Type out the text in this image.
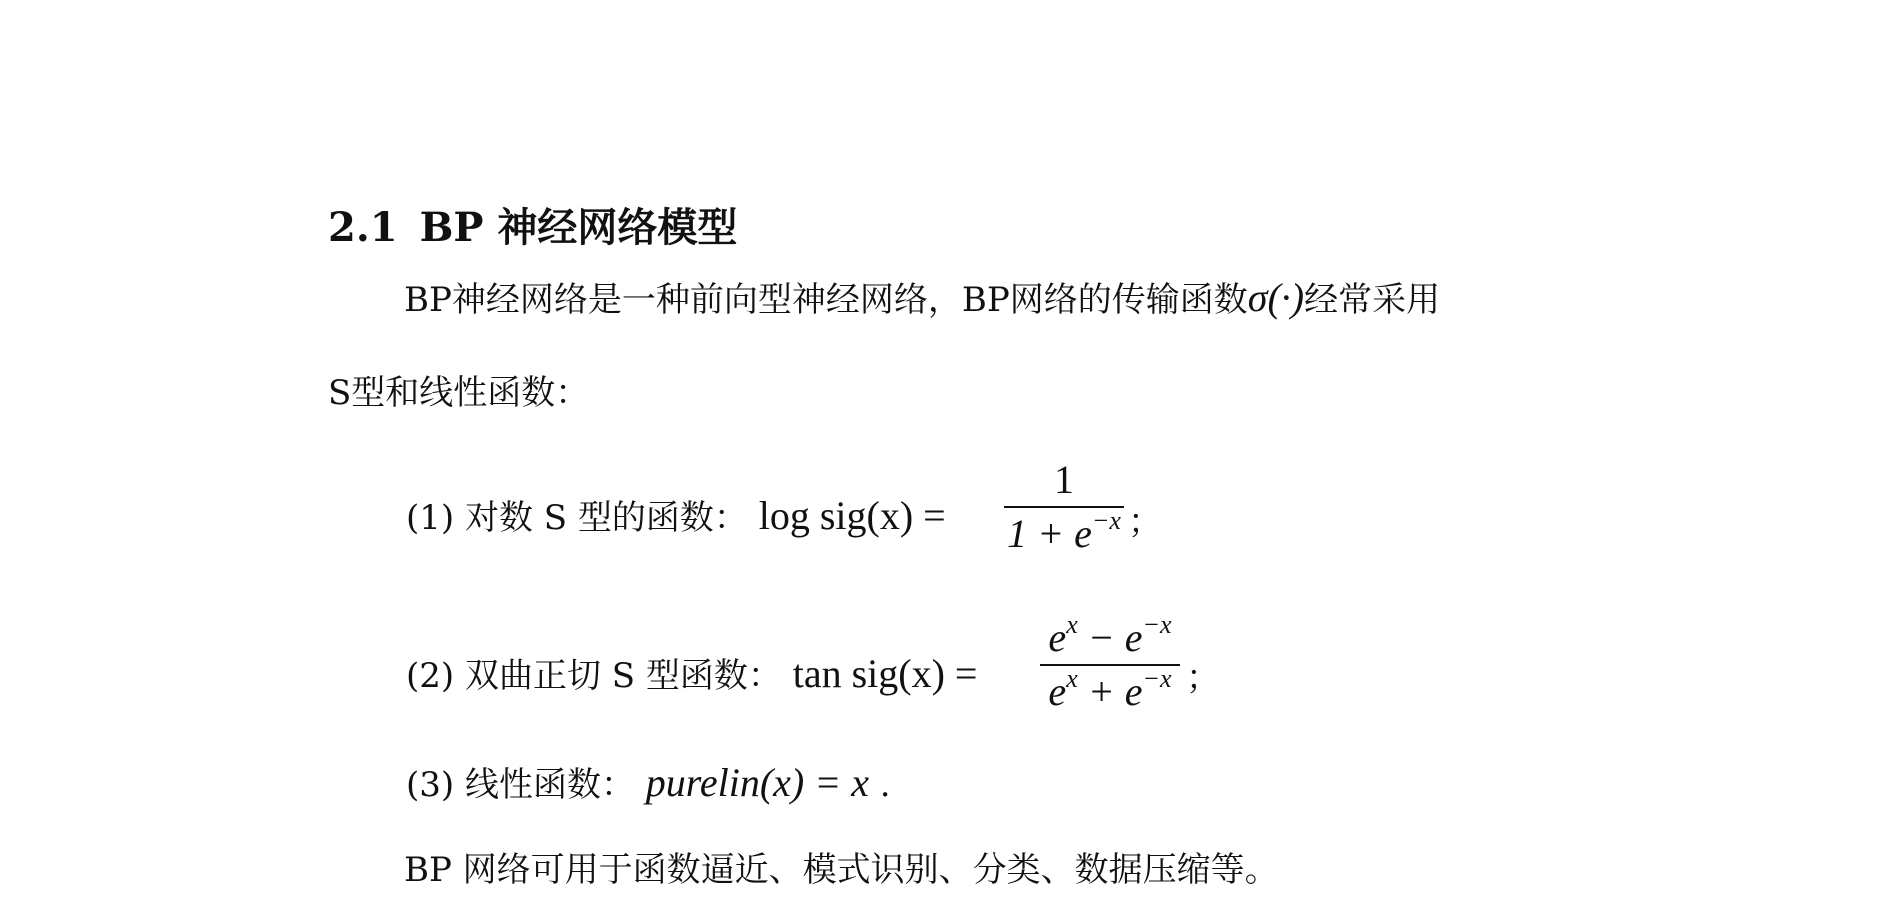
2.1 BP 神经网络模型
BP神经网络是一种前向型神经网络，BP网络的传输函数σ(·)经常采用
S型和线性函数：
(1) 对数 S 型的函数： log sig(x) =
1
$1 + e^{-x}$ ；
(2) 双曲正切 S 型函数： tan sig(x) =
$e^x - e^{-x}$
$e^x + e^{-x}$ ；
(3) 线性函数： purelin(x) = x .
BP 网络可用于函数逼近、模式识别、分类、数据压缩等。
